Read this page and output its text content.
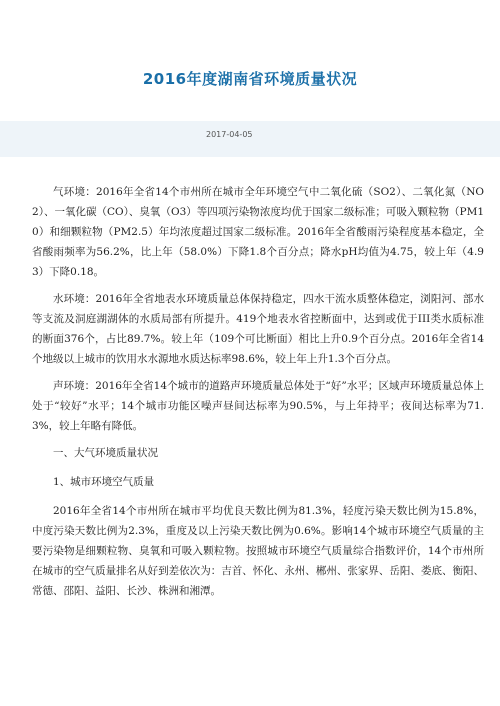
2016年度湖南省环境质量状况
2017-04-05

气环境：2016年全省14个市州所在城市全年环境空气中二氧化硫（SO2）、二氧化氮（NO2）、一氧化碳（CO）、臭氧（O3）等四项污染物浓度均优于国家二级标准；可吸入颗粒物（PM10）和细颗粒物（PM2.5）年均浓度超过国家二级标准。2016年全省酸雨污染程度基本稳定，全省酸雨频率为56.2%，比上年（58.0%）下降1.8个百分点；降水pH均值为4.75，较上年（4.93）下降0.18。

水环境：2016年全省地表水环境质量总体保持稳定，四水干流水质整体稳定，浏阳河、部水等支流及洞庭湖湖体的水质局部有所提升。419个地表水省控断面中，达到或优于III类水质标准的断面376个，占比89.7%。较上年（109个可比断面）相比上升0.9个百分点。2016年全省14个地级以上城市的饮用水水源地水质达标率98.6%，较上年上升1.3个百分点。

声环境：2016年全省14个城市的道路声环境质量总体处于“好”水平；区域声环境质量总体上处于“较好”水平；14个城市功能区噪声昼间达标率为90.5%，与上年持平；夜间达标率为71.3%，较上年略有降低。

一、大气环境质量状况

1、城市环境空气质量

2016年全省14个市州所在城市平均优良天数比例为81.3%，轻度污染天数比例为15.8%，中度污染天数比例为2.3%，重度及以上污染天数比例为0.6%。影响14个城市环境空气质量的主要污染物是细颗粒物、臭氧和可吸入颗粒物。按照城市环境空气质量综合指数评价，14个市州所在城市的空气质量排名从好到差依次为：吉首、怀化、永州、郴州、张家界、岳阳、娄底、衡阳、常德、邵阳、益阳、长沙、株洲和湘潭。
